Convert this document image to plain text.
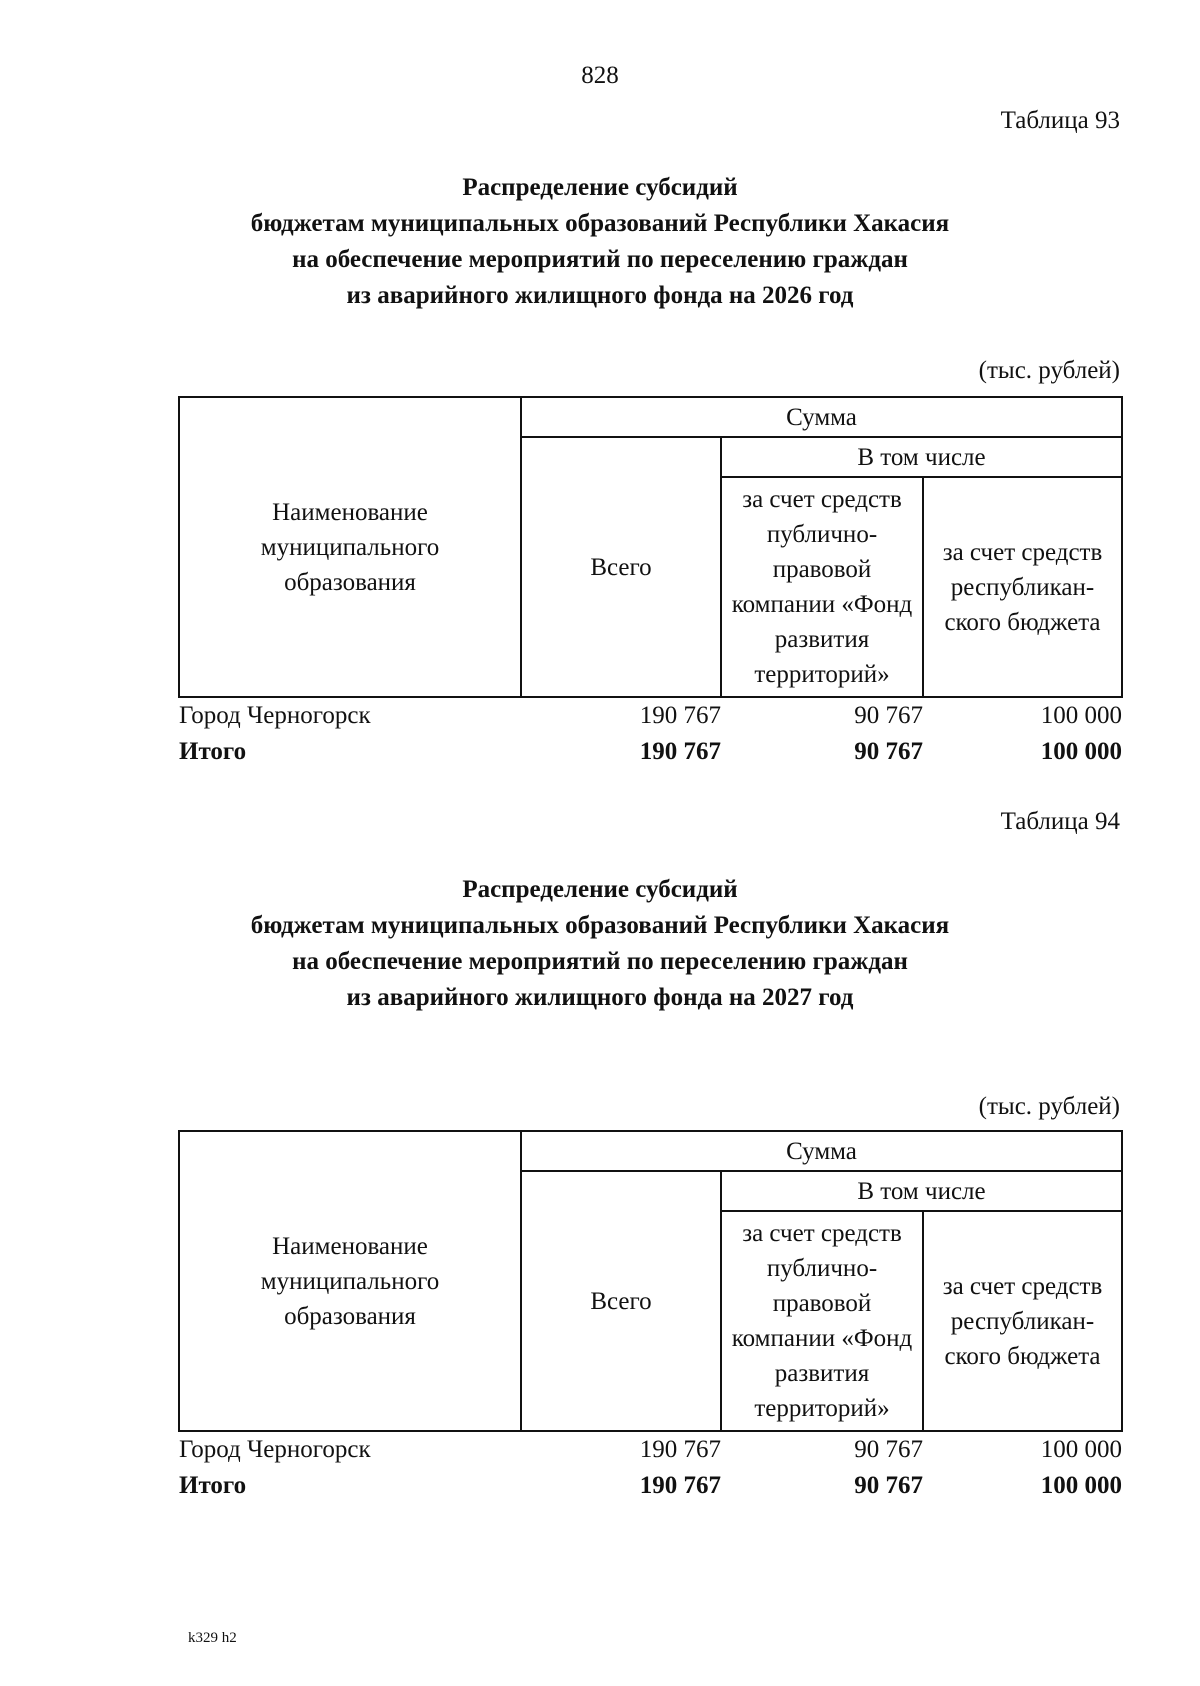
828
Таблица 93
Распределение субсидий
бюджетам муниципальных образований Республики Хакасия
на обеспечение мероприятий по переселению граждан
из аварийного жилищного фонда на 2026 год
(тыс. рублей)
Наименование муниципального образования	Сумма		
	Всего	В том числе	
		за счет средств публично-правовой компании «Фонд развития территорий»	за счет средств республикан-ского бюджета
Город Черногорск	190 767	90 767	100 000
Итого	190 767	90 767	100 000
Таблица 94
Распределение субсидий
бюджетам муниципальных образований Республики Хакасия
на обеспечение мероприятий по переселению граждан
из аварийного жилищного фонда на 2027 год
(тыс. рублей)
Наименование муниципального образования	Сумма		
	Всего	В том числе	
		за счет средств публично-правовой компании «Фонд развития территорий»	за счет средств республикан-ского бюджета
Город Черногорск	190 767	90 767	100 000
Итого	190 767	90 767	100 000
k329 h2
